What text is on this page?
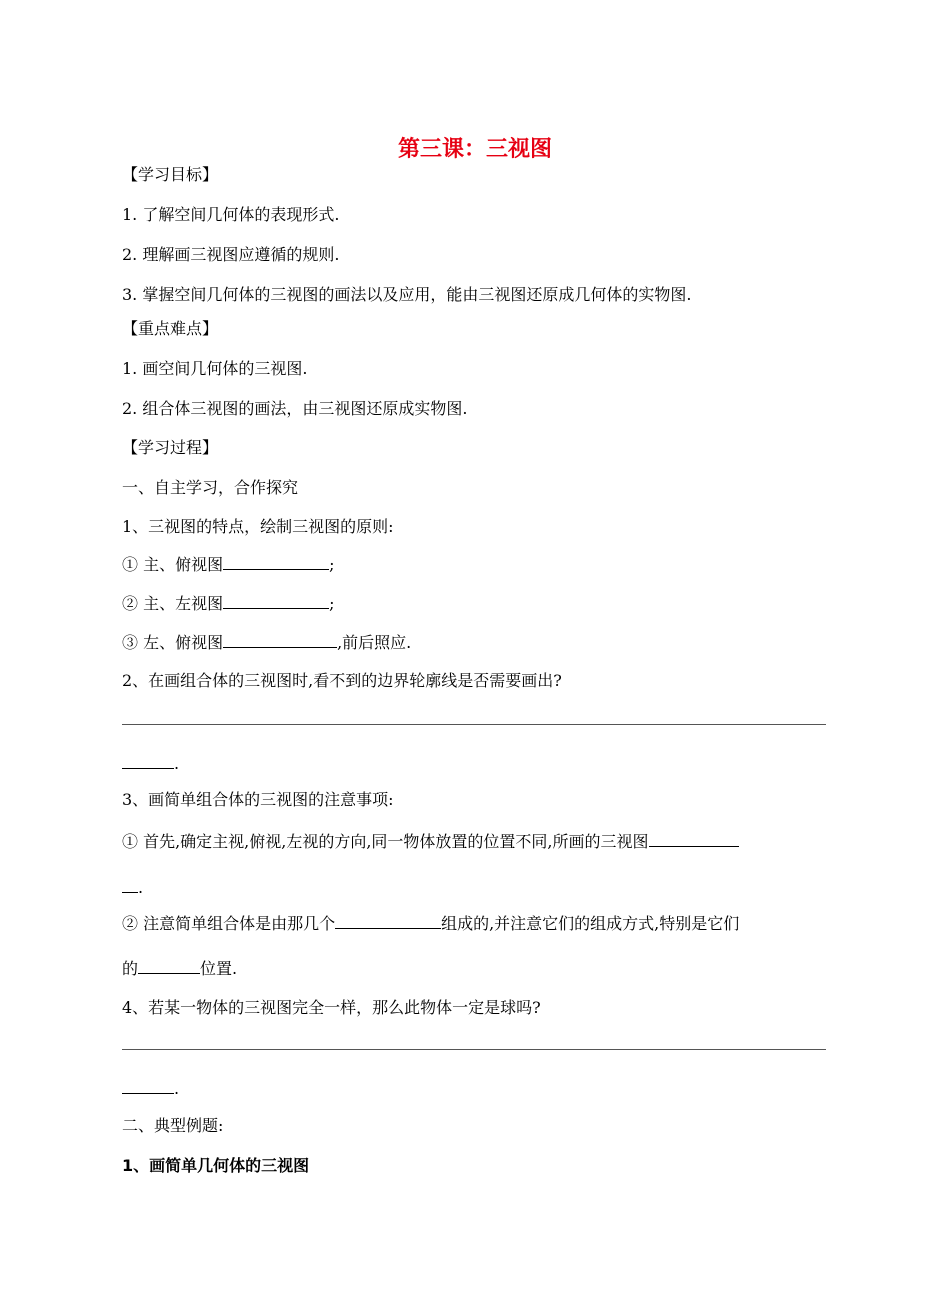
第三课：三视图
【学习目标】
1. 了解空间几何体的表现形式.
2. 理解画三视图应遵循的规则.
3. 掌握空间几何体的三视图的画法以及应用，能由三视图还原成几何体的实物图.
【重点难点】
1. 画空间几何体的三视图.
2. 组合体三视图的画法，由三视图还原成实物图.
【学习过程】
一、自主学习，合作探究
1、三视图的特点，绘制三视图的原则:
① 主、俯视图	;
② 主、左视图	;
③ 左、俯视图	,前后照应.
2、在画组合体的三视图时,看不到的边界轮廓线是否需要画出?
.
3、画简单组合体的三视图的注意事项:
① 首先,确定主视,俯视,左视的方向,同一物体放置的位置不同,所画的三视图
.
② 注意简单组合体是由那几个	组成的,并注意它们的组成方式,特别是它们
的	位置.
4、若某一物体的三视图完全一样，那么此物体一定是球吗?
.
二、典型例题:
1、画简单几何体的三视图
